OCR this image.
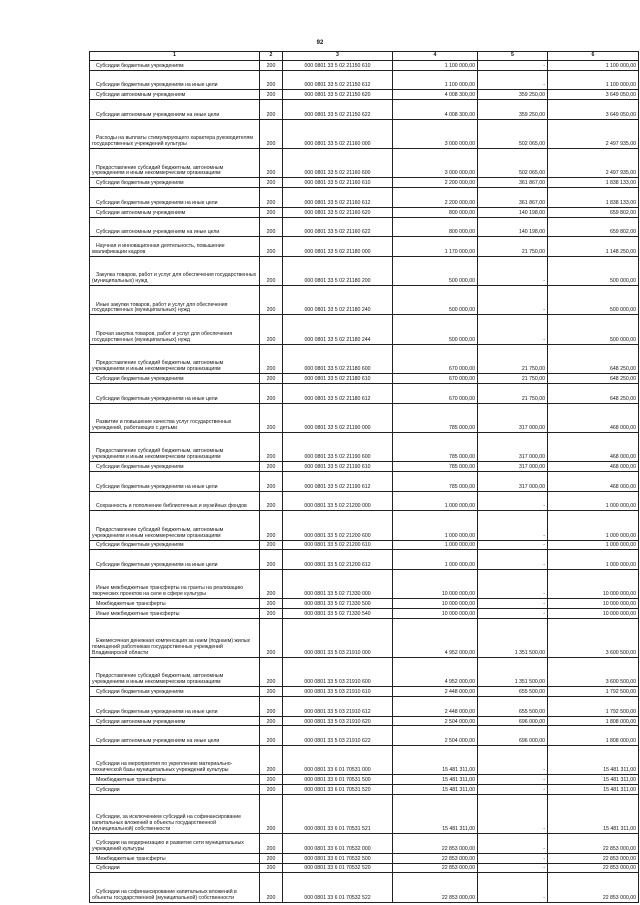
92
1	2	3	4	5	6
Субсидии бюджетным учреждениям	200	000 0801 33 5 02 21150 610	1 100 000,00	-	1 100 000,00
Субсидии бюджетным учреждениям на иные цели	200	000 0801 33 5 02 21150 612	1 100 000,00	-	1 100 000,00
Субсидии автономным учреждениям	200	000 0801 33 5 02 21150 620	4 008 300,00	359 250,00	3 649 050,00
Субсидии автономным учреждениям на иные цели	200	000 0801 33 5 02 21150 622	4 008 300,00	359 250,00	3 649 050,00
Расходы на выплаты стимулирующего характера руководителям государственных учреждений культуры	200	000 0801 33 5 02 21160 000	3 000 000,00	502 065,00	2 497 935,00
Предоставление субсидий бюджетным, автономным учреждениям и иным некоммерческим организациям	200	000 0801 33 5 02 21160 600	3 000 000,00	502 065,00	2 497 935,00
Субсидии бюджетным учреждениям	200	000 0801 33 5 02 21160 610	2 200 000,00	361 867,00	1 838 133,00
Субсидии бюджетным учреждениям на иные цели	200	000 0801 33 5 02 21160 612	2 200 000,00	361 867,00	1 838 133,00
Субсидии автономным учреждениям	200	000 0801 33 5 02 21160 620	800 000,00	140 198,00	659 802,00
Субсидии автономным учреждениям на иные цели	200	000 0801 33 5 02 21160 622	800 000,00	140 198,00	659 802,00
Научная и инновационная деятельность, повышение квалификации кадров	200	000 0801 33 5 02 21180 000	1 170 000,00	21 750,00	1 148 250,00
Закупка товаров, работ и услуг для обеспечения государственных (муниципальных) нужд	200	000 0801 33 5 02 21180 200	500 000,00	-	500 000,00
Иные закупки товаров, работ и услуг для обеспечения государственных (муниципальных) нужд	200	000 0801 33 5 02 21180 240	500 000,00	-	500 000,00
Прочая закупка товаров, работ и услуг для обеспечения государственных (муниципальных) нужд	200	000 0801 33 5 02 21180 244	500 000,00	-	500 000,00
Предоставление субсидий бюджетным, автономным учреждениям и иным некоммерческим организациям	200	000 0801 33 5 02 21180 600	670 000,00	21 750,00	648 250,00
Субсидии бюджетным учреждениям	200	000 0801 33 5 02 21180 610	670 000,00	21 750,00	648 250,00
Субсидии бюджетным учреждениям на иные цели	200	000 0801 33 5 02 21180 612	670 000,00	21 750,00	648 250,00
Развитие и повышение качества услуг государственных учреждений, работающих с детьми	200	000 0801 33 5 02 21190 000	785 000,00	317 000,00	468 000,00
Предоставление субсидий бюджетным, автономным учреждениям и иным некоммерческим организациям	200	000 0801 33 5 02 21190 600	785 000,00	317 000,00	468 000,00
Субсидии бюджетным учреждениям	200	000 0801 33 5 02 21190 610	785 000,00	317 000,00	468 000,00
Субсидии бюджетным учреждениям на иные цели	200	000 0801 33 5 02 21190 612	785 000,00	317 000,00	468 000,00
Сохранность и пополнение библиотечных и музейных фондов	200	000 0801 33 5 02 21200 000	1 000 000,00	-	1 000 000,00
Предоставление субсидий бюджетным, автономным учреждениям и иным некоммерческим организациям	200	000 0801 33 5 02 21200 600	1 000 000,00	-	1 000 000,00
Субсидии бюджетным учреждениям	200	000 0801 33 5 02 21200 610	1 000 000,00	-	1 000 000,00
Субсидии бюджетным учреждениям на иные цели	200	000 0801 33 5 02 21200 612	1 000 000,00	-	1 000 000,00
Иные межбюджетные трансферты на гранты на реализацию творческих проектов на селе в сфере культуры	200	000 0801 33 5 02 71330 000	10 000 000,00	-	10 000 000,00
Межбюджетные трансферты	200	000 0801 33 5 02 71330 500	10 000 000,00	-	10 000 000,00
Иные межбюджетные трансферты	200	000 0801 33 5 02 71330 540	10 000 000,00	-	10 000 000,00
Ежемесячная денежная компенсация за наем (поднаем) жилых помещений работникам государственных учреждений Владимирской области	200	000 0801 33 5 03 21910 000	4 952 000,00	1 351 500,00	3 600 500,00
Предоставление субсидий бюджетным, автономным учреждениям и иным некоммерческим организациям	200	000 0801 33 5 03 21910 600	4 952 000,00	1 351 500,00	3 600 500,00
Субсидии бюджетным учреждениям	200	000 0801 33 5 03 21910 610	2 448 000,00	655 500,00	1 792 500,00
Субсидии бюджетным учреждениям на иные цели	200	000 0801 33 5 03 21910 612	2 448 000,00	655 500,00	1 792 500,00
Субсидии автономным учреждениям	200	000 0801 33 5 03 21910 620	2 504 000,00	696 000,00	1 808 000,00
Субсидии автономным учреждениям на иные цели	200	000 0801 33 5 03 21910 622	2 504 000,00	696 000,00	1 808 000,00
Субсидии на мероприятия по укреплению материально-технической базы муниципальных учреждений культуры	200	000 0801 33 6 01 70531 000	15 481 311,00	-	15 481 311,00
Межбюджетные трансферты	200	000 0801 33 6 01 70531 500	15 481 311,00	-	15 481 311,00
Субсидии	200	000 0801 33 6 01 70531 520	15 481 311,00	-	15 481 311,00
Субсидии, за исключением субсидий на софинансирование капитальных вложений в объекты государственной (муниципальной) собственности	200	000 0801 33 6 01 70531 521	15 481 311,00	-	15 481 311,00
Субсидии на модернизацию и развитие сети муниципальных учреждений культуры	200	000 0801 33 6 01 70532 000	22 853 000,00	-	22 853 000,00
Межбюджетные трансферты	200	000 0801 33 6 01 70532 500	22 853 000,00	-	22 853 000,00
Субсидии	200	000 0801 33 6 01 70532 520	22 853 000,00	-	22 853 000,00
Субсидии на софинансирование капитальных вложений в объекты государственной (муниципальной) собственности	200	000 0801 33 6 01 70532 522	22 853 000,00	-	22 853 000,00
